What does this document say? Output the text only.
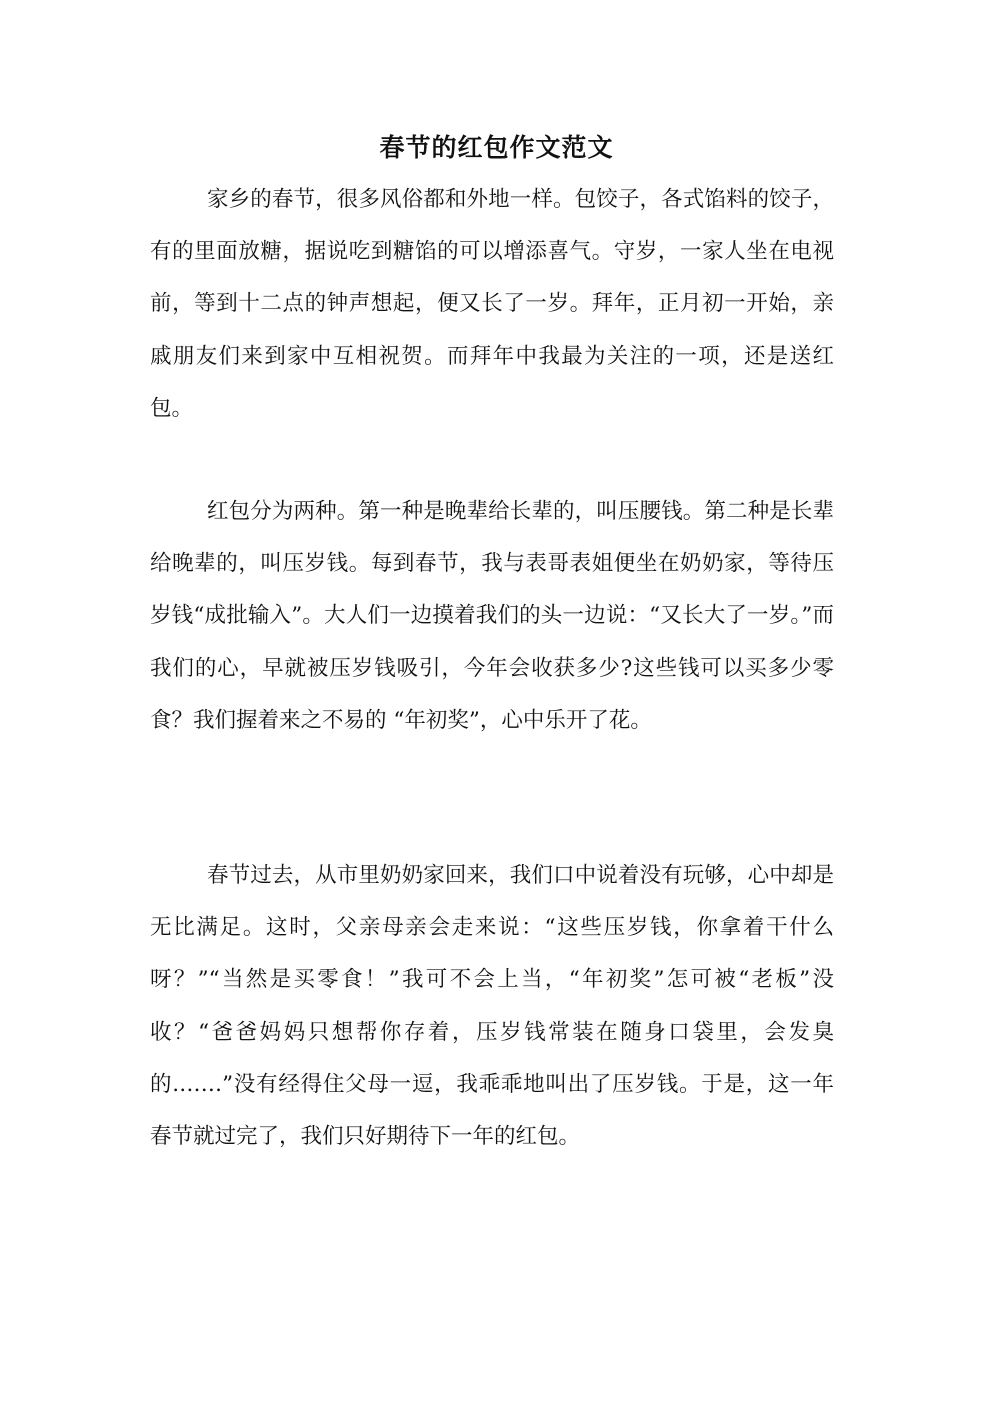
春节的红包作文范文

家乡的春节，很多风俗都和外地一样。包饺子，各式馅料的饺子，有的里面放糖，据说吃到糖馅的可以增添喜气。守岁，一家人坐在电视前，等到十二点的钟声想起，便又长了一岁。拜年，正月初一开始，亲戚朋友们来到家中互相祝贺。而拜年中我最为关注的一项，还是送红包。

红包分为两种。第一种是晚辈给长辈的，叫压腰钱。第二种是长辈给晚辈的，叫压岁钱。每到春节，我与表哥表姐便坐在奶奶家，等待压岁钱“成批输入”。大人们一边摸着我们的头一边说：“又长大了一岁。”而我们的心，早就被压岁钱吸引，今年会收获多少?这些钱可以买多少零食？我们握着来之不易的 “年初奖”，心中乐开了花。

春节过去，从市里奶奶家回来，我们口中说着没有玩够，心中却是无比满足。这时，父亲母亲会走来说：“这些压岁钱，你拿着干什么呀？”“当然是买零食！”我可不会上当，“年初奖”怎可被“老板”没收？“爸爸妈妈只想帮你存着，压岁钱常装在随身口袋里，会发臭的.……”没有经得住父母一逗，我乖乖地叫出了压岁钱。于是，这一年春节就过完了，我们只好期待下一年的红包。
